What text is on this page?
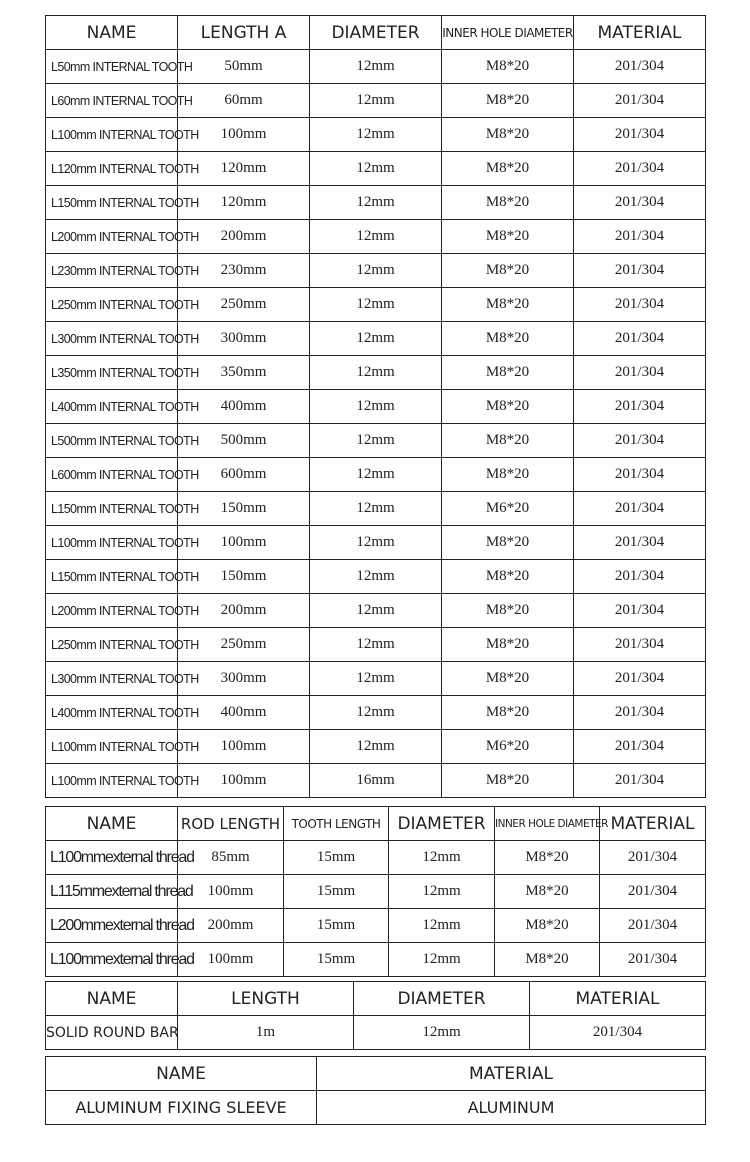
NAME	LENGTH A	DIAMETER	INNER HOLE DIAMETER	MATERIAL
L50mm INTERNAL TOOTH	50mm	12mm	M8*20	201/304
L60mm INTERNAL TOOTH	60mm	12mm	M8*20	201/304
L100mm INTERNAL TOOTH	100mm	12mm	M8*20	201/304
L120mm INTERNAL TOOTH	120mm	12mm	M8*20	201/304
L150mm INTERNAL TOOTH	120mm	12mm	M8*20	201/304
L200mm INTERNAL TOOTH	200mm	12mm	M8*20	201/304
L230mm INTERNAL TOOTH	230mm	12mm	M8*20	201/304
L250mm INTERNAL TOOTH	250mm	12mm	M8*20	201/304
L300mm INTERNAL TOOTH	300mm	12mm	M8*20	201/304
L350mm INTERNAL TOOTH	350mm	12mm	M8*20	201/304
L400mm INTERNAL TOOTH	400mm	12mm	M8*20	201/304
L500mm INTERNAL TOOTH	500mm	12mm	M8*20	201/304
L600mm INTERNAL TOOTH	600mm	12mm	M8*20	201/304
L150mm INTERNAL TOOTH	150mm	12mm	M6*20	201/304
L100mm INTERNAL TOOTH	100mm	12mm	M8*20	201/304
L150mm INTERNAL TOOTH	150mm	12mm	M8*20	201/304
L200mm INTERNAL TOOTH	200mm	12mm	M8*20	201/304
L250mm INTERNAL TOOTH	250mm	12mm	M8*20	201/304
L300mm INTERNAL TOOTH	300mm	12mm	M8*20	201/304
L400mm INTERNAL TOOTH	400mm	12mm	M8*20	201/304
L100mm INTERNAL TOOTH	100mm	12mm	M6*20	201/304
L100mm INTERNAL TOOTH	100mm	16mm	M8*20	201/304
NAME	ROD LENGTH	TOOTH LENGTH	DIAMETER	INNER HOLE DIAMETER	MATERIAL
L100mmexternal thread	85mm	15mm	12mm	M8*20	201/304
L115mmexternal thread	100mm	15mm	12mm	M8*20	201/304
L200mmexternal thread	200mm	15mm	12mm	M8*20	201/304
L100mmexternal thread	100mm	15mm	12mm	M8*20	201/304
NAME	LENGTH	DIAMETER	MATERIAL
SOLID ROUND BAR	1m	12mm	201/304
NAME	MATERIAL
ALUMINUM FIXING SLEEVE	ALUMINUM
